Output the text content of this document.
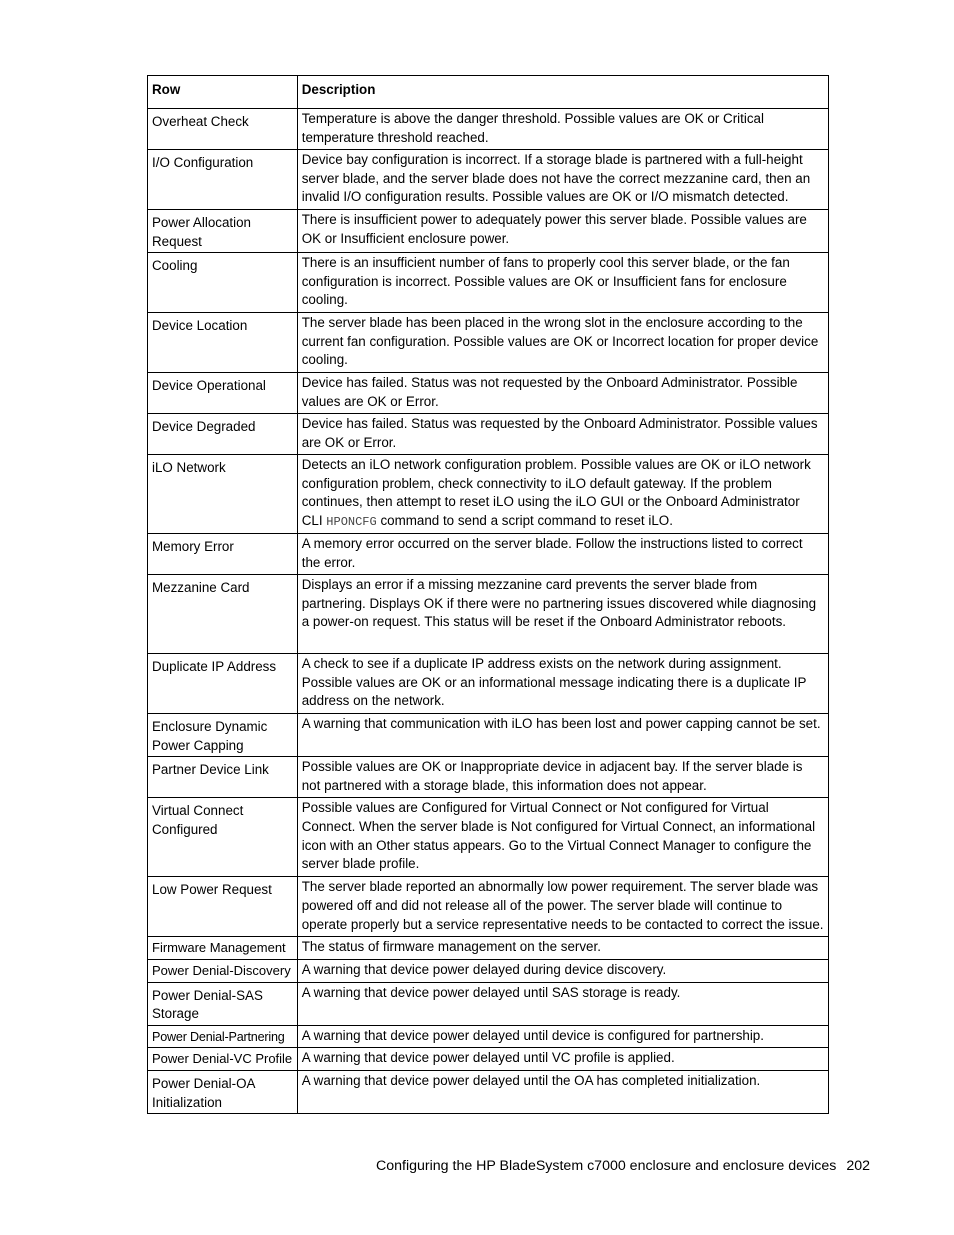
Row	Description
Overheat Check	Temperature is above the danger threshold. Possible values are OK or Critical temperature threshold reached.
I/O Configuration	Device bay configuration is incorrect. If a storage blade is partnered with a full-height server blade, and the server blade does not have the correct mezzanine card, then an invalid I/O configuration results. Possible values are OK or I/O mismatch detected.
Power Allocation Request	There is insufficient power to adequately power this server blade. Possible values are OK or Insufficient enclosure power.
Cooling	There is an insufficient number of fans to properly cool this server blade, or the fan configuration is incorrect. Possible values are OK or Insufficient fans for enclosure cooling.
Device Location	The server blade has been placed in the wrong slot in the enclosure according to the current fan configuration. Possible values are OK or Incorrect location for proper device cooling.
Device Operational	Device has failed. Status was not requested by the Onboard Administrator. Possible values are OK or Error.
Device Degraded	Device has failed. Status was requested by the Onboard Administrator. Possible values are OK or Error.
iLO Network	Detects an iLO network configuration problem. Possible values are OK or iLO network configuration problem, check connectivity to iLO default gateway. If the problem continues, then attempt to reset iLO using the iLO GUI or the Onboard Administrator CLI HPONCFG command to send a script command to reset iLO.
Memory Error	A memory error occurred on the server blade. Follow the instructions listed to correct the error.
Mezzanine Card	Displays an error if a missing mezzanine card prevents the server blade from partnering. Displays OK if there were no partnering issues discovered while diagnosing a power-on request. This status will be reset if the Onboard Administrator reboots.
Duplicate IP Address	A check to see if a duplicate IP address exists on the network during assignment. Possible values are OK or an informational message indicating there is a duplicate IP address on the network.
Enclosure Dynamic Power Capping	A warning that communication with iLO has been lost and power capping cannot be set.
Partner Device Link	Possible values are OK or Inappropriate device in adjacent bay. If the server blade is not partnered with a storage blade, this information does not appear.
Virtual Connect Configured	Possible values are Configured for Virtual Connect or Not configured for Virtual Connect. When the server blade is Not configured for Virtual Connect, an informational icon with an Other status appears. Go to the Virtual Connect Manager to configure the server blade profile.
Low Power Request	The server blade reported an abnormally low power requirement. The server blade was powered off and did not release all of the power. The server blade will continue to operate properly but a service representative needs to be contacted to correct the issue.
Firmware Management	The status of firmware management on the server.
Power Denial-Discovery	A warning that device power delayed during device discovery.
Power Denial-SAS Storage	A warning that device power delayed until SAS storage is ready.
Power Denial-Partnering	A warning that device power delayed until device is configured for partnership.
Power Denial-VC Profile	A warning that device power delayed until VC profile is applied.
Power Denial-OA Initialization	A warning that device power delayed until the OA has completed initialization.
Configuring the HP BladeSystem c7000 enclosure and enclosure devices 202
